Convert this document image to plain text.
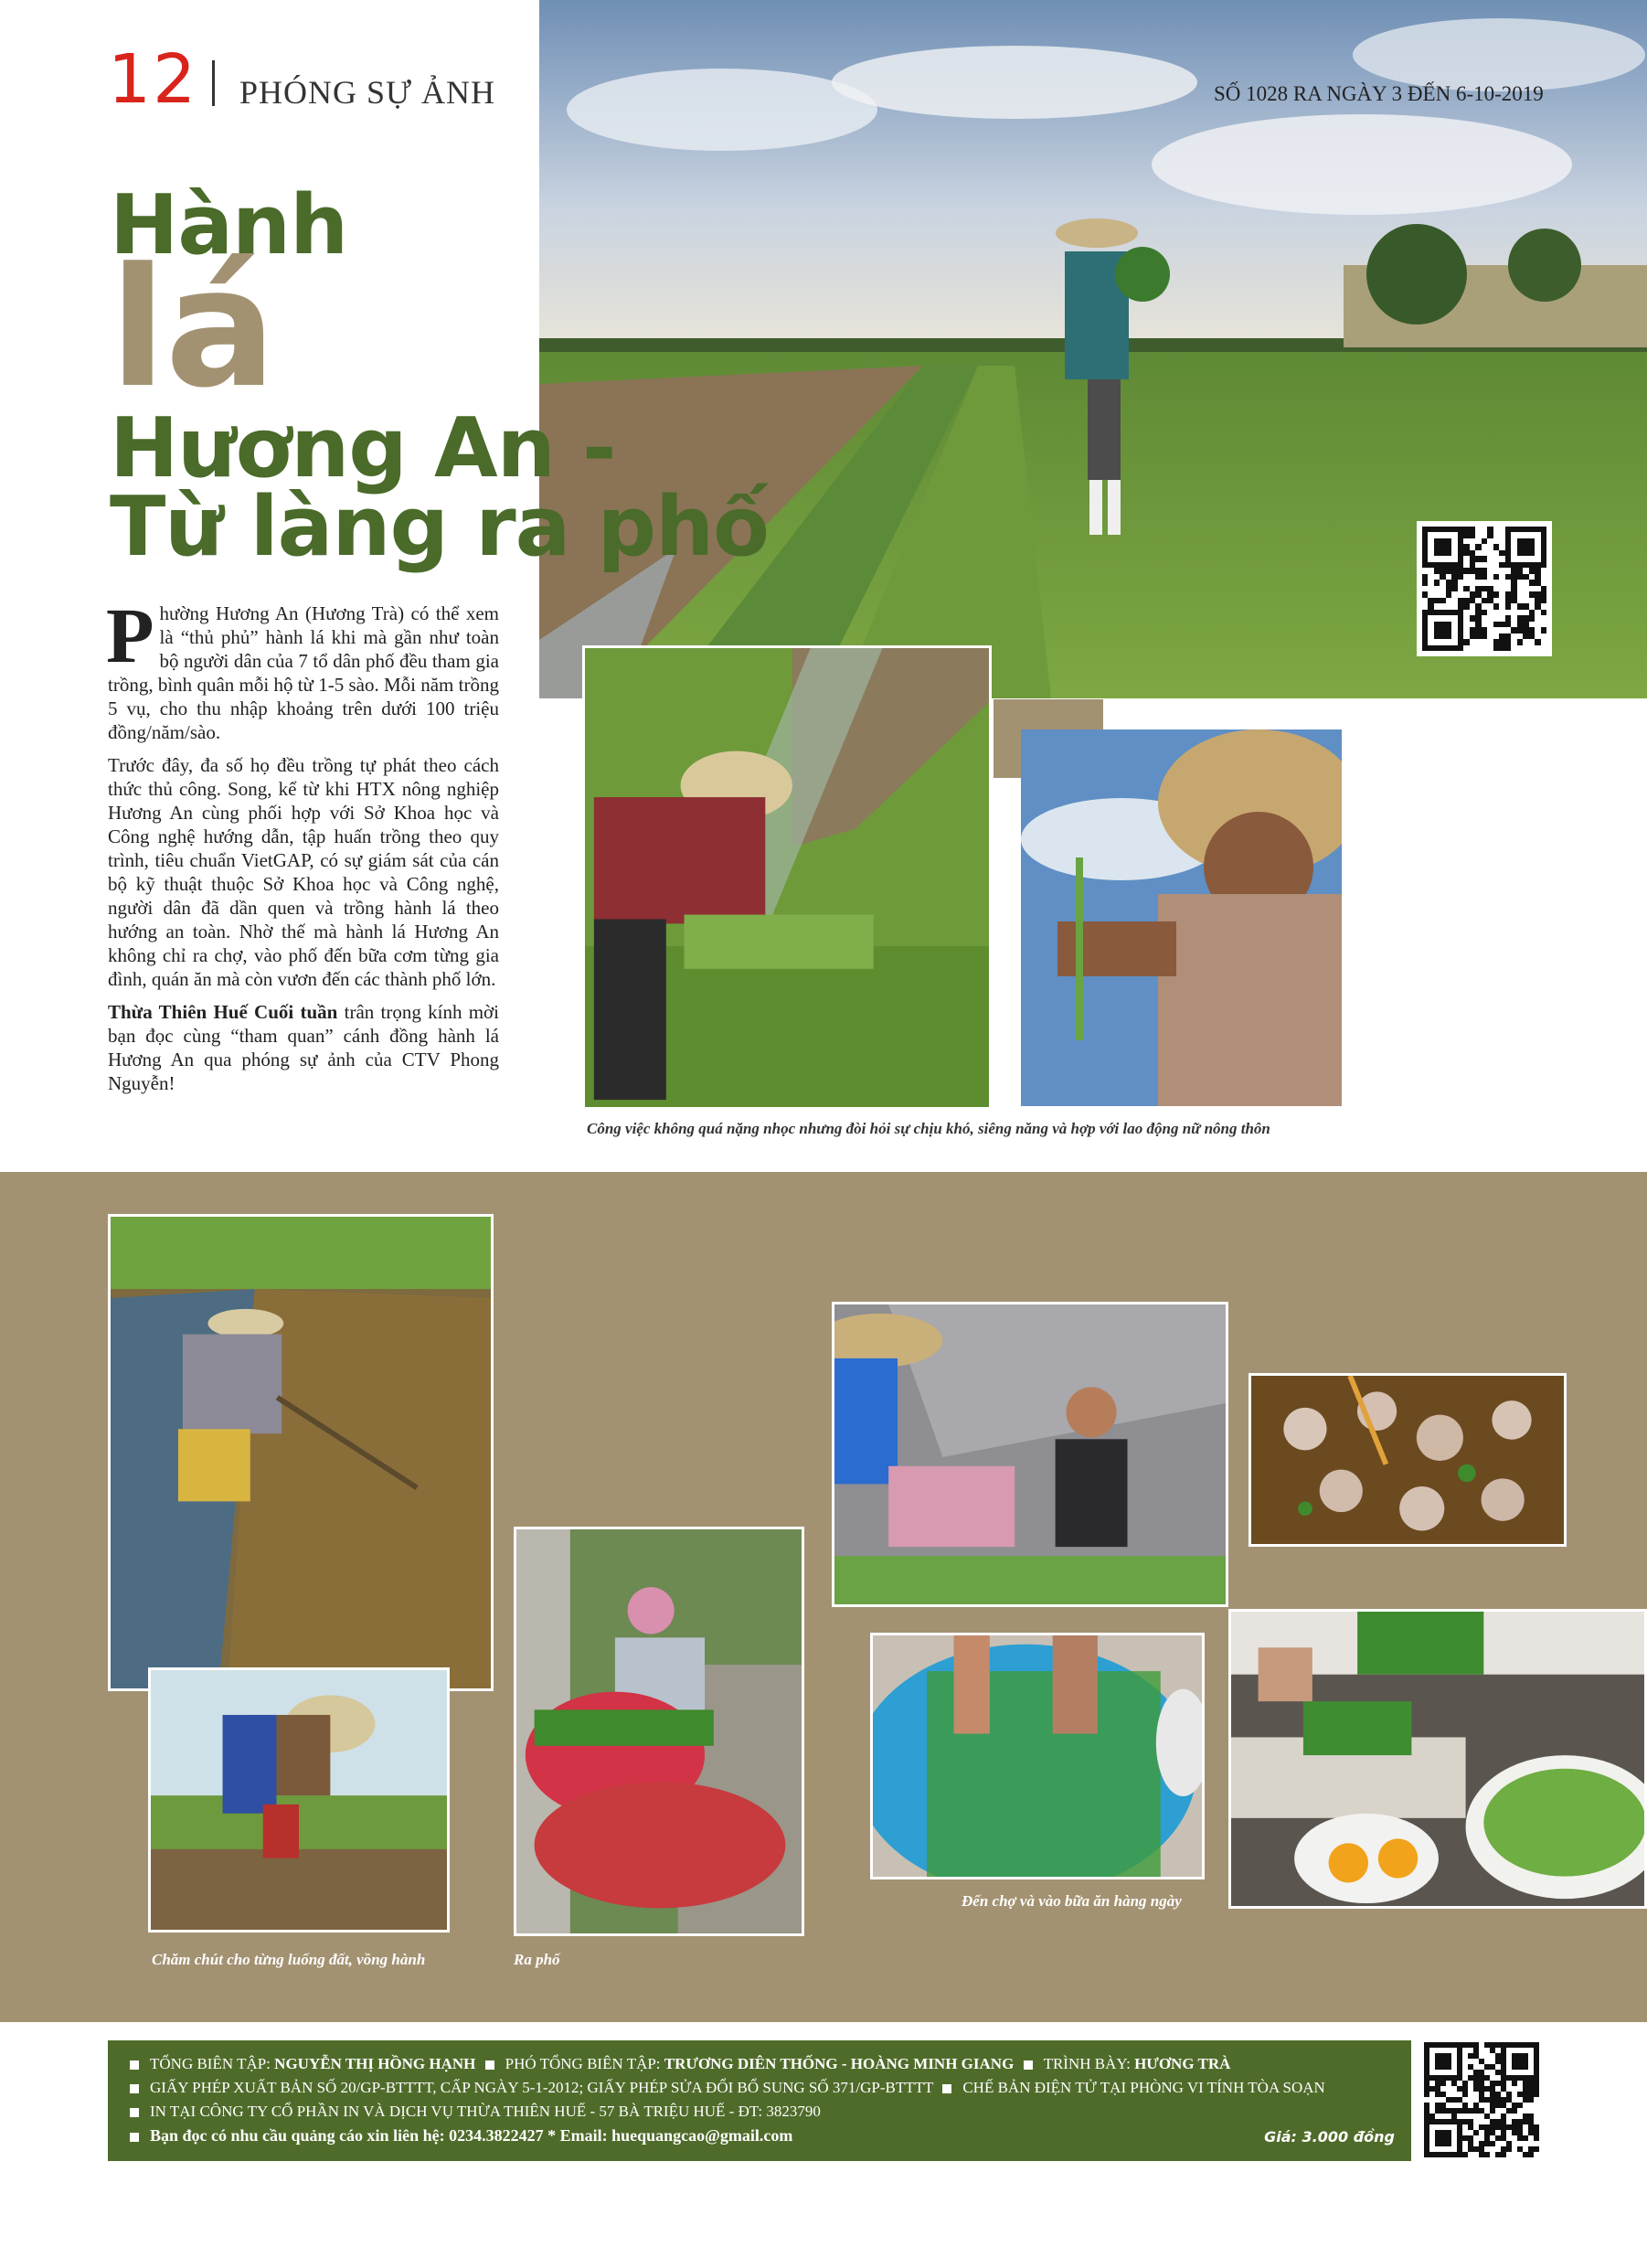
12 PHÓNG SỰ ẢNH
Hành
lá
Hương An -
Từ làng ra phố
SỐ 1028 RA NGÀY 3 ĐẾN 6-10-2019

Phường Hương An (Hương Trà) có thể xem là “thủ phủ” hành lá khi mà gần như toàn bộ người dân của 7 tổ dân phố đều tham gia trồng, bình quân mỗi hộ từ 1-5 sào. Mỗi năm trồng 5 vụ, cho thu nhập khoảng trên dưới 100 triệu đồng/năm/sào.

Trước đây, đa số họ đều trồng tự phát theo cách thức thủ công. Song, kể từ khi HTX nông nghiệp Hương An cùng phối hợp với Sở Khoa học và Công nghệ hướng dẫn, tập huấn trồng theo quy trình, tiêu chuẩn VietGAP, có sự giám sát của cán bộ kỹ thuật thuộc Sở Khoa học và Công nghệ, người dân đã dần quen và trồng hành lá theo hướng an toàn. Nhờ thế mà hành lá Hương An không chỉ ra chợ, vào phố đến bữa cơm từng gia đình, quán ăn mà còn vươn đến các thành phố lớn.

Thừa Thiên Huế Cuối tuần trân trọng kính mời bạn đọc cùng “tham quan” cánh đồng hành lá Hương An qua phóng sự ảnh của CTV Phong Nguyễn!

Công việc không quá nặng nhọc nhưng đòi hỏi sự chịu khó, siêng năng và hợp với lao động nữ nông thôn
Chăm chút cho từng luống đất, vồng hành	Ra phố
Đến chợ và vào bữa ăn hàng ngày
TỔNG BIÊN TẬP: NGUYỄN THỊ HỒNG HẠNH PHÓ TỔNG BIÊN TẬP: TRƯƠNG DIÊN THỐNG - HOÀNG MINH GIANG TRÌNH BÀY: HƯƠNG TRÀ
GIẤY PHÉP XUẤT BẢN SỐ 20/GP-BTTTT, CẤP NGÀY 5-1-2012; GIẤY PHÉP SỬA ĐỔI BỔ SUNG SỐ 371/GP-BTTTT CHẾ BẢN ĐIỆN TỬ TẠI PHÒNG VI TÍNH TÒA SOẠN
IN TẠI CÔNG TY CỔ PHẦN IN VÀ DỊCH VỤ THỪA THIÊN HUẾ - 57 BÀ TRIỆU HUẾ - ĐT: 3823790
Bạn đọc có nhu cầu quảng cáo xin liên hệ: 0234.3822427 * Email: huequangcao@gmail.com	Giá: 3.000 đồng
